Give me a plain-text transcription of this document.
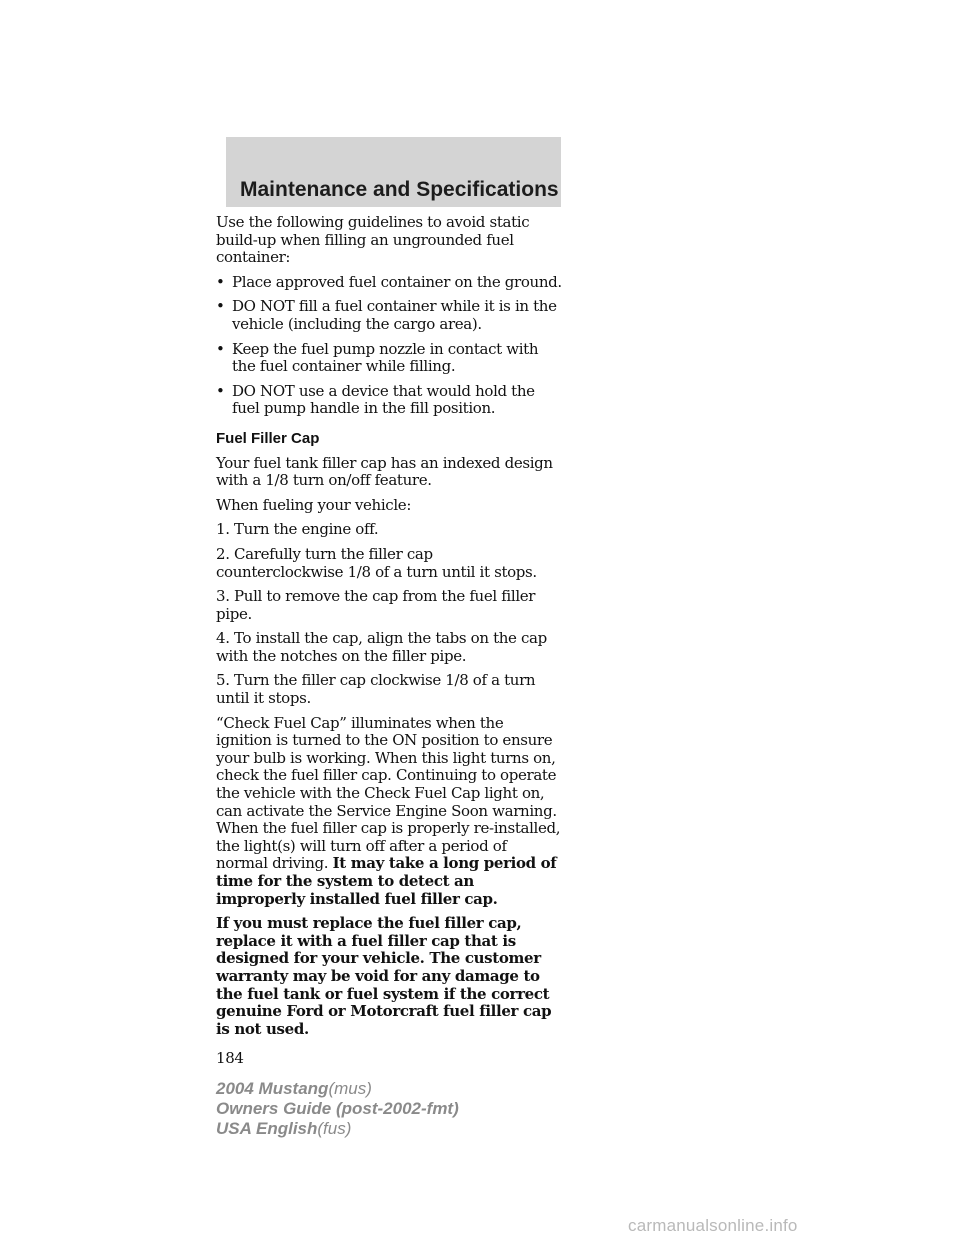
Maintenance and Specifications

Use the following guidelines to avoid static build-up when filling an ungrounded fuel container:

• Place approved fuel container on the ground.
• DO NOT fill a fuel container while it is in the vehicle (including the cargo area).
• Keep the fuel pump nozzle in contact with the fuel container while filling.
• DO NOT use a device that would hold the fuel pump handle in the fill position.
Fuel Filler Cap

Your fuel tank filler cap has an indexed design with a 1/8 turn on/off feature.

When fueling your vehicle:

1. Turn the engine off.

2. Carefully turn the filler cap counterclockwise 1/8 of a turn until it stops.

3. Pull to remove the cap from the fuel filler pipe.

4. To install the cap, align the tabs on the cap with the notches on the filler pipe.

5. Turn the filler cap clockwise 1/8 of a turn until it stops.

“Check Fuel Cap” illuminates when the ignition is turned to the ON position to ensure your bulb is working. When this light turns on, check the fuel filler cap. Continuing to operate the vehicle with the Check Fuel Cap light on, can activate the Service Engine Soon warning. When the fuel filler cap is properly re-installed, the light(s) will turn off after a period of normal driving. It may take a long period of time for the system to detect an improperly installed fuel filler cap.

If you must replace the fuel filler cap, replace it with a fuel filler cap that is designed for your vehicle. The customer warranty may be void for any damage to the fuel tank or fuel system if the correct genuine Ford or Motorcraft fuel filler cap is not used.

184
2004 Mustang(mus)
Owners Guide (post-2002-fmt)
USA English(fus)
carmanualsonline.info
